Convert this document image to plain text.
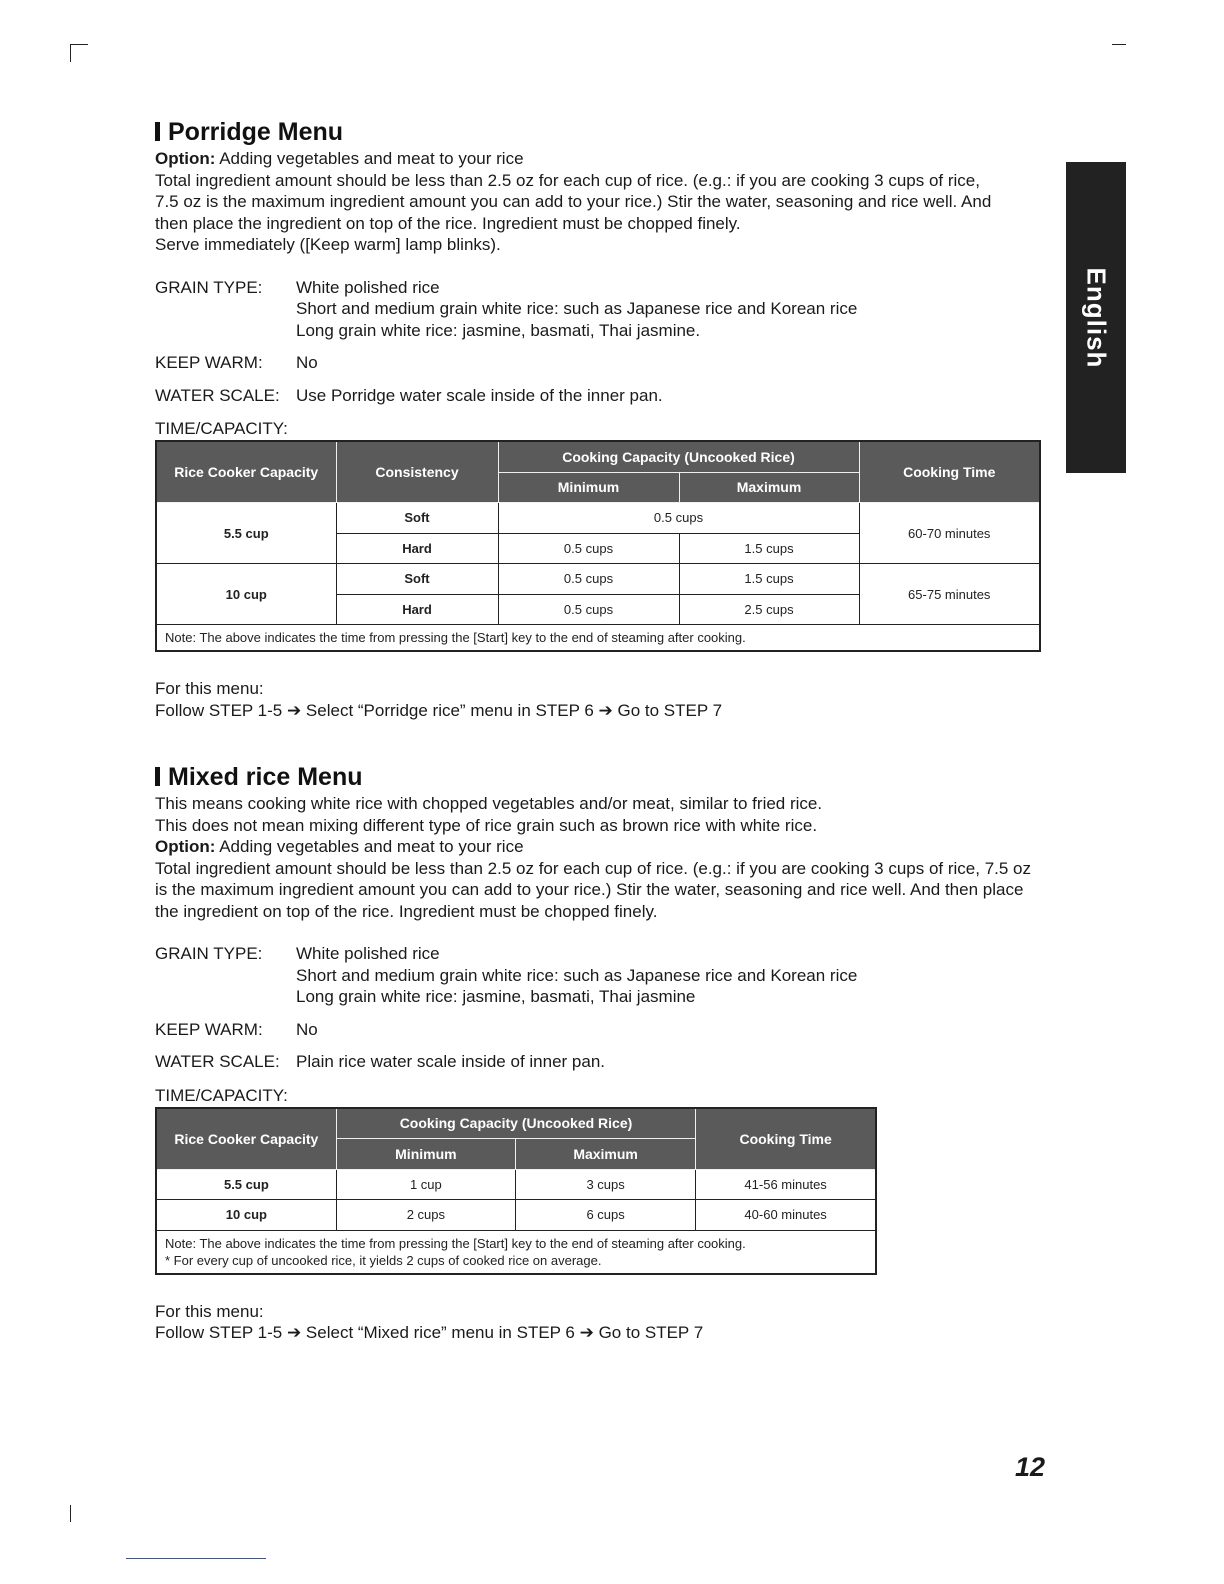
English
Porridge Menu

Option: Adding vegetables and meat to your rice

Total ingredient amount should be less than 2.5 oz for each cup of rice. (e.g.: if you are cooking 3 cups of rice,

7.5 oz is the maximum ingredient amount you can add to your rice.) Stir the water, seasoning and rice well. And

then place the ingredient on top of the rice. Ingredient must be chopped finely.

Serve immediately ([Keep warm] lamp blinks).

GRAIN TYPE:	White polished rice
Short and medium grain white rice: such as Japanese rice and Korean rice
Long grain white rice: jasmine, basmati, Thai jasmine.
KEEP WARM:	No
WATER SCALE: Use Porridge water scale inside of the inner pan.
TIME/CAPACITY:
Rice Cooker Capacity	Consistency	Cooking Capacity (Uncooked Rice)		Cooking Time
		Minimum	Maximum	
5.5 cup	Soft	0.5 cups		60-70 minutes
	Hard	0.5 cups	1.5 cups	
10 cup	Soft	0.5 cups	1.5 cups	65-75 minutes
	Hard	0.5 cups	2.5 cups	
Note: The above indicates the time from pressing the [Start] key to the end of steaming after cooking.				
For this menu:
Follow STEP 1-5 ➔ Select “Porridge rice” menu in STEP 6 ➔ Go to STEP 7
Mixed rice Menu

This means cooking white rice with chopped vegetables and/or meat, similar to fried rice.

This does not mean mixing different type of rice grain such as brown rice with white rice.

Option: Adding vegetables and meat to your rice

Total ingredient amount should be less than 2.5 oz for each cup of rice. (e.g.: if you are cooking 3 cups of rice, 7.5 oz

is the maximum ingredient amount you can add to your rice.) Stir the water, seasoning and rice well. And then place

the ingredient on top of the rice. Ingredient must be chopped finely.

GRAIN TYPE:	White polished rice
Short and medium grain white rice: such as Japanese rice and Korean rice
Long grain white rice: jasmine, basmati, Thai jasmine
KEEP WARM:	No
WATER SCALE: Plain rice water scale inside of inner pan.
TIME/CAPACITY:
Rice Cooker Capacity	Cooking Capacity (Uncooked Rice)		Cooking Time
	Minimum	Maximum	
5.5 cup	1 cup	3 cups	41-56 minutes
10 cup	2 cups	6 cups	40-60 minutes

Note: The above indicates the time from pressing the [Start] key to the end of steaming after cooking.
* For every cup of uncooked rice, it yields 2 cups of cooked rice on average.			
For this menu:
Follow STEP 1-5 ➔ Select “Mixed rice” menu in STEP 6 ➔ Go to STEP 7
12
